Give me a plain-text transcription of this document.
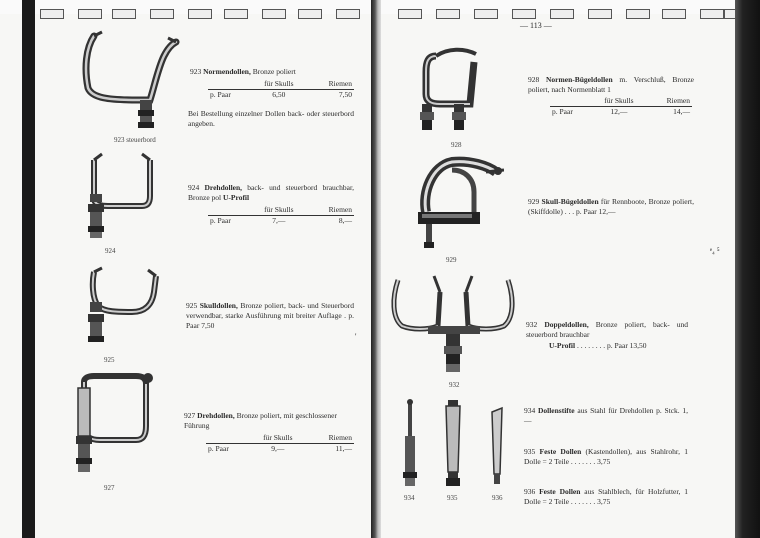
— 113 —
923 steuerbord
923 Normendollen, Bronze poliert
	für Skulls	Riemen
p. Paar	6,50	7,50
Bei Bestellung einzelner Dollen back- oder steuerbord angeben.
924
924 Drehdollen, back- und steuerbord brauchbar, Bronze pol U-Profil
	für Skulls	Riemen
p. Paar	7,—	8,—
925
925 Skulldollen, Bronze poliert, back- und Steuerbord verwendbar, starke Ausführung mit breiter Auflage . p. Paar 7,50
'
927
927 Drehdollen, Bronze poliert, mit geschlossener Führung
	für Skulls	Riemen
p. Paar	9,—	11,—
928
928 Normen-Bügeldollen m. Verschluß, Bronze poliert, nach Normenblatt 1
	für Skulls	Riemen
p. Paar	12,—	14,—
929
929 Skull-Bügeldollen für Rennboote, Bronze poliert, (Skiffdolle) . . . p. Paar 12,—
932
932 Doppeldollen, Bronze poliert, back- und steuerbord brauchbar
U-Profil . . . . . . . . p. Paar 13,50
934	935	936
934 Dollenstifte aus Stahl für Drehdollen p. Stck. 1,—
935 Feste Dollen (Kastendollen), aus Stahlrohr, 1 Dolle = 2 Teile . . . . . . . 3,75
936 Feste Dollen aus Stahlblech, für Holzfutter, 1 Dolle = 2 Teile . . . . . . . 3,75
ᵉ₄ ⁵
